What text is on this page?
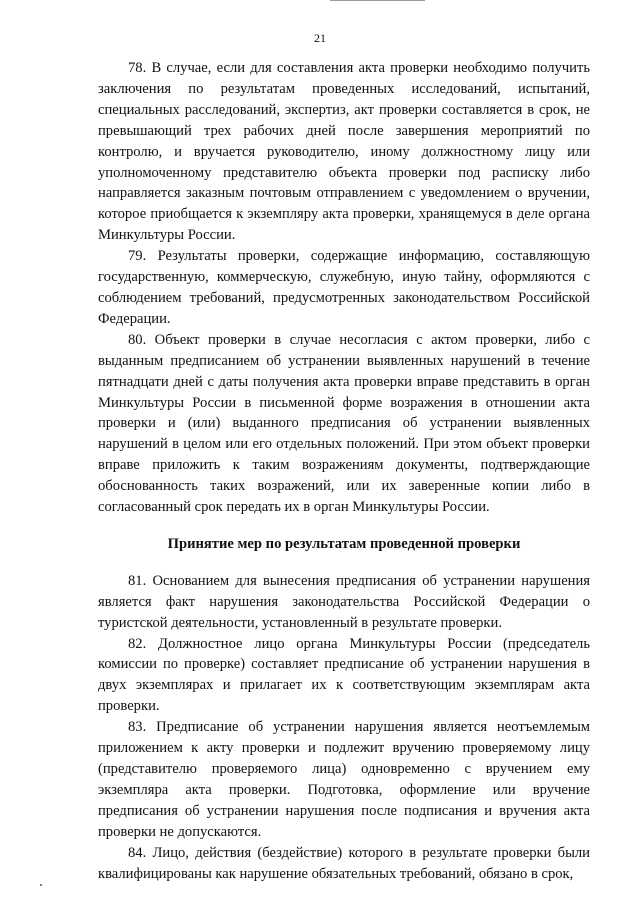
21

78. В случае, если для составления акта проверки необходимо получить заключения по результатам проведенных исследований, испытаний, специальных расследований, экспертиз, акт проверки составляется в срок, не превышающий трех рабочих дней после завершения мероприятий по контролю, и вручается руководителю, иному должностному лицу или уполномоченному представителю объекта проверки под расписку либо направляется заказным почтовым отправлением с уведомлением о вручении, которое приобщается к экземпляру акта проверки, хранящемуся в деле органа Минкультуры России.

79. Результаты проверки, содержащие информацию, составляющую государственную, коммерческую, служебную, иную тайну, оформляются с соблюдением требований, предусмотренных законодательством Российской Федерации.

80. Объект проверки в случае несогласия с актом проверки, либо с выданным предписанием об устранении выявленных нарушений в течение пятнадцати дней с даты получения акта проверки вправе представить в орган Минкультуры России в письменной форме возражения в отношении акта проверки и (или) выданного предписания об устранении выявленных нарушений в целом или его отдельных положений. При этом объект проверки вправе приложить к таким возражениям документы, подтверждающие обоснованность таких возражений, или их заверенные копии либо в согласованный срок передать их в орган Минкультуры России.

Принятие мер по результатам проведенной проверки

81. Основанием для вынесения предписания об устранении нарушения является факт нарушения законодательства Российской Федерации о туристской деятельности, установленный в результате проверки.

82. Должностное лицо органа Минкультуры России (председатель комиссии по проверке) составляет предписание об устранении нарушения в двух экземплярах и прилагает их к соответствующим экземплярам акта проверки.

83. Предписание об устранении нарушения является неотъемлемым приложением к акту проверки и подлежит вручению проверяемому лицу (представителю проверяемого лица) одновременно с вручением ему экземпляра акта проверки. Подготовка, оформление или вручение предписания об устранении нарушения после подписания и вручения акта проверки не допускаются.

84. Лицо, действия (бездействие) которого в результате проверки были квалифицированы как нарушение обязательных требований, обязано в срок,
